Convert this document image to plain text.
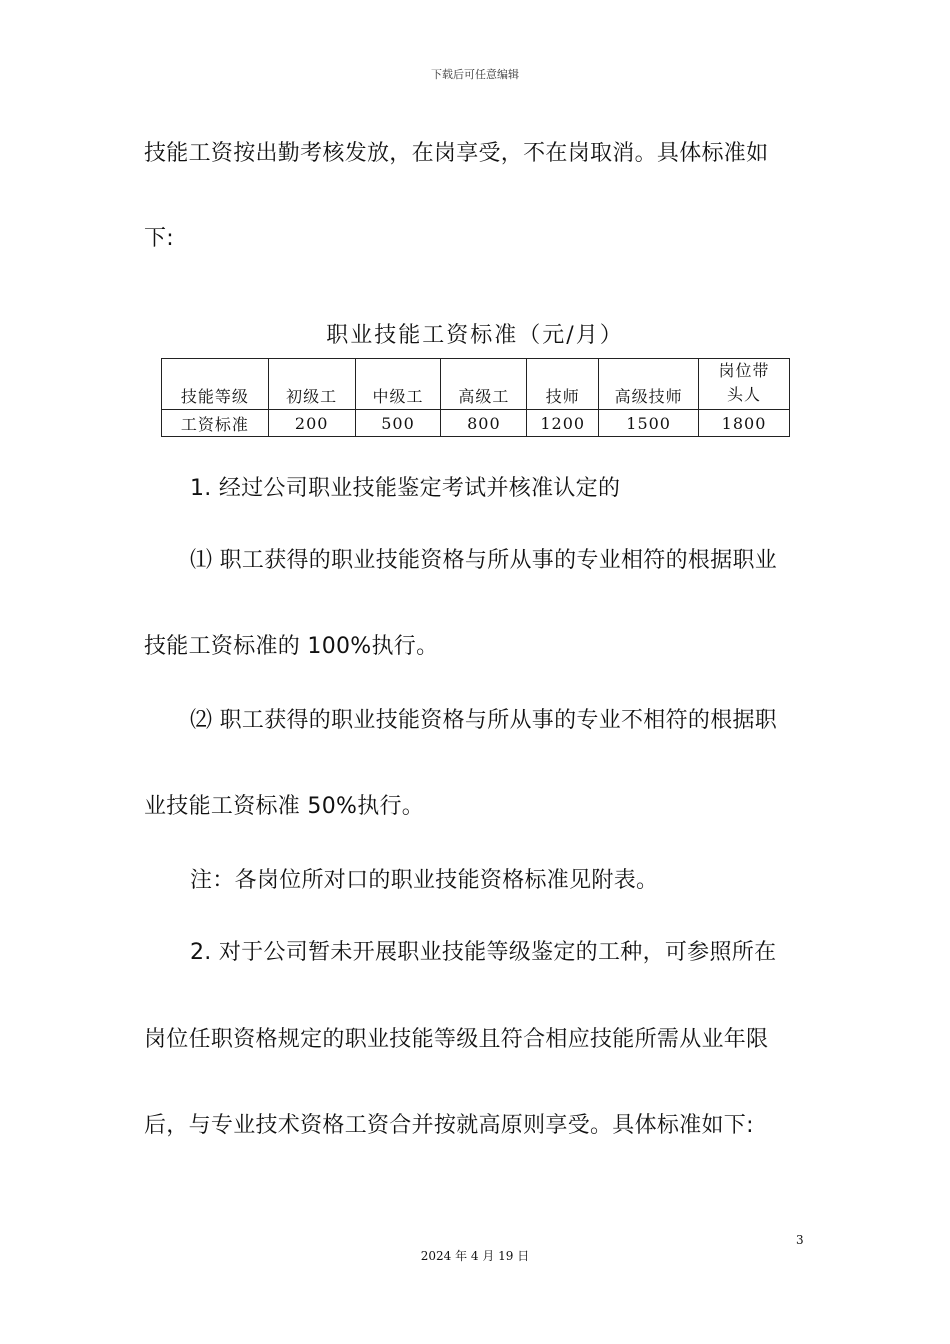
下载后可任意编辑
技能工资按出勤考核发放，在岗享受，不在岗取消。具体标准如
下:
职业技能工资标准（元/月）
技能等级	初级工	中级工	高级工	技师	高级技师	岗位带头人
工资标准	200	500	800	1200	1500	1800
1. 经过公司职业技能鉴定考试并核准认定的
⑴ 职工获得的职业技能资格与所从事的专业相符的根据职业
技能工资标准的 100%执行。
⑵ 职工获得的职业技能资格与所从事的专业不相符的根据职
业技能工资标准 50%执行。
注：各岗位所对口的职业技能资格标准见附表。
2. 对于公司暂未开展职业技能等级鉴定的工种，可参照所在
岗位任职资格规定的职业技能等级且符合相应技能所需从业年限
后，与专业技术资格工资合并按就高原则享受。具体标准如下:
3
2024 年 4 月 19 日
